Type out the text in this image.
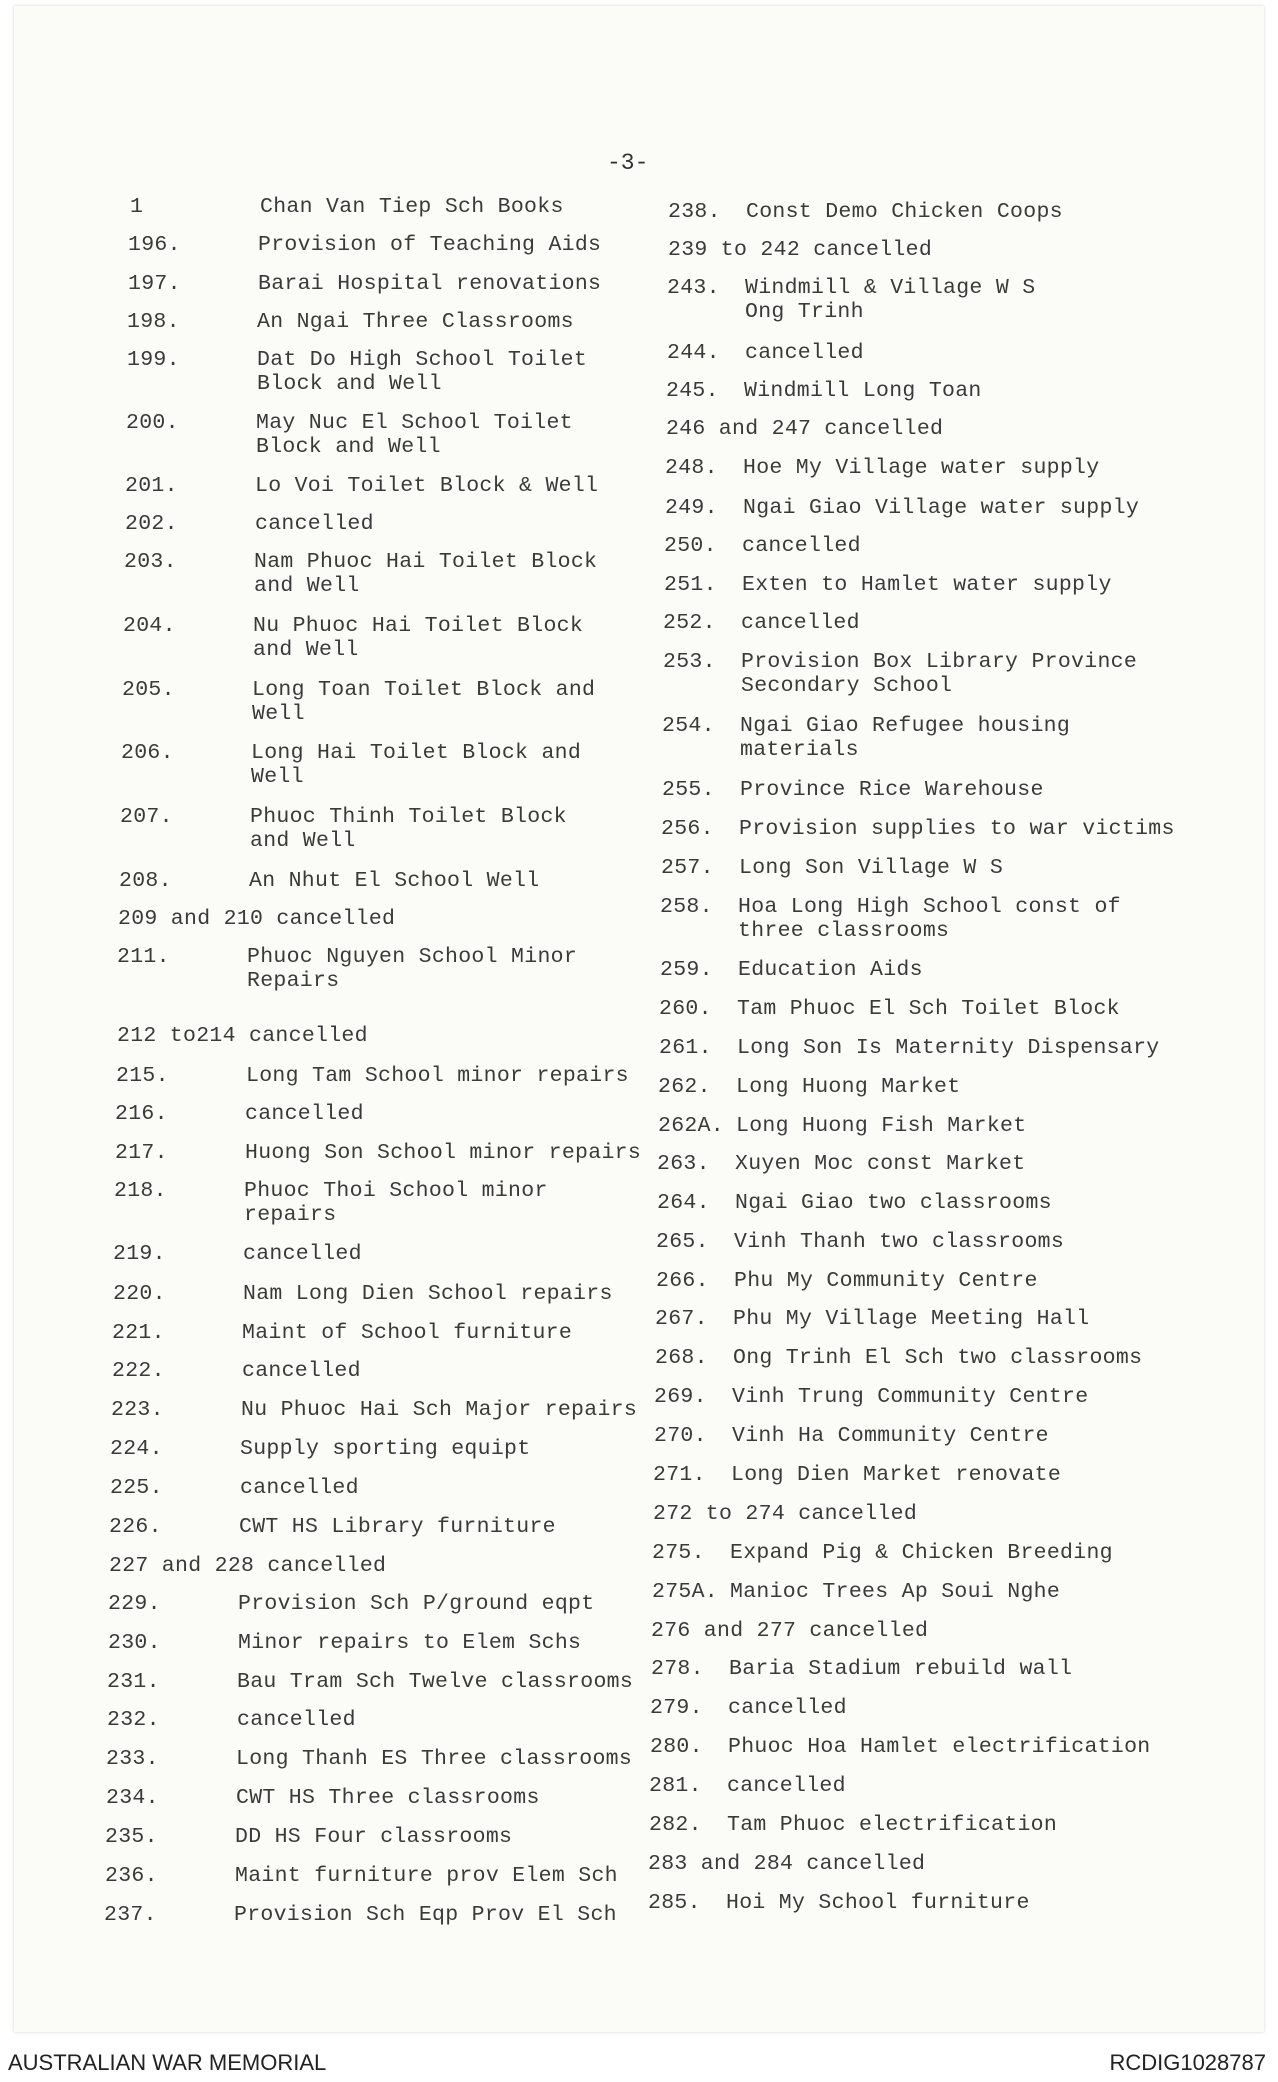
-3-
1	Chan Van Tiep Sch Books
196.	Provision of Teaching Aids
197.	Barai Hospital renovations
198.	An Ngai Three Classrooms
199.	Dat Do High School Toilet
Block and Well
200.	May Nuc El School Toilet
Block and Well
201.	Lo Voi Toilet Block & Well
202.	cancelled
203.	Nam Phuoc Hai Toilet Block
and Well
204.	Nu Phuoc Hai Toilet Block
and Well
205.	Long Toan Toilet Block and
Well
206.	Long Hai Toilet Block and
Well
207.	Phuoc Thinh Toilet Block
and Well
208.	An Nhut El School Well
209 and 210 cancelled
211.	Phuoc Nguyen School Minor
Repairs
212 to214 cancelled
215.	Long Tam School minor repairs
216.	cancelled
217.	Huong Son School minor repairs
218.	Phuoc Thoi School minor
repairs
219.	cancelled
220.	Nam Long Dien School repairs
221.	Maint of School furniture
222.	cancelled
223.	Nu Phuoc Hai Sch Major repairs
224.	Supply sporting equipt
225.	cancelled
226.	CWT HS Library furniture
227 and 228 cancelled
229.	Provision Sch P/ground eqpt
230.	Minor repairs to Elem Schs
231.	Bau Tram Sch Twelve classrooms
232.	cancelled
233.	Long Thanh ES Three classrooms
234.	CWT HS Three classrooms
235.	DD HS Four classrooms
236.	Maint furniture prov Elem Sch
237.	Provision Sch Eqp Prov El Sch
238. Const Demo Chicken Coops
239 to 242 cancelled
243. Windmill & Village W S
Ong Trinh
244. cancelled
245. Windmill Long Toan
246 and 247 cancelled
248. Hoe My Village water supply
249. Ngai Giao Village water supply
250. cancelled
251. Exten to Hamlet water supply
252. cancelled
253. Provision Box Library Province
Secondary School
254. Ngai Giao Refugee housing
materials
255. Province Rice Warehouse
256. Provision supplies to war victims
257. Long Son Village W S
258. Hoa Long High School const of
three classrooms
259. Education Aids
260. Tam Phuoc El Sch Toilet Block
261. Long Son Is Maternity Dispensary
262. Long Huong Market
262A. Long Huong Fish Market
263. Xuyen Moc const Market
264. Ngai Giao two classrooms
265. Vinh Thanh two classrooms
266. Phu My Community Centre
267. Phu My Village Meeting Hall
268. Ong Trinh El Sch two classrooms
269. Vinh Trung Community Centre
270. Vinh Ha Community Centre
271. Long Dien Market renovate
272 to 274 cancelled
275. Expand Pig & Chicken Breeding
275A. Manioc Trees Ap Soui Nghe
276 and 277 cancelled
278. Baria Stadium rebuild wall
279. cancelled
280. Phuoc Hoa Hamlet electrification
281. cancelled
282. Tam Phuoc electrification
283 and 284 cancelled
285. Hoi My School furniture
AUSTRALIAN WAR MEMORIAL	RCDIG1028787
